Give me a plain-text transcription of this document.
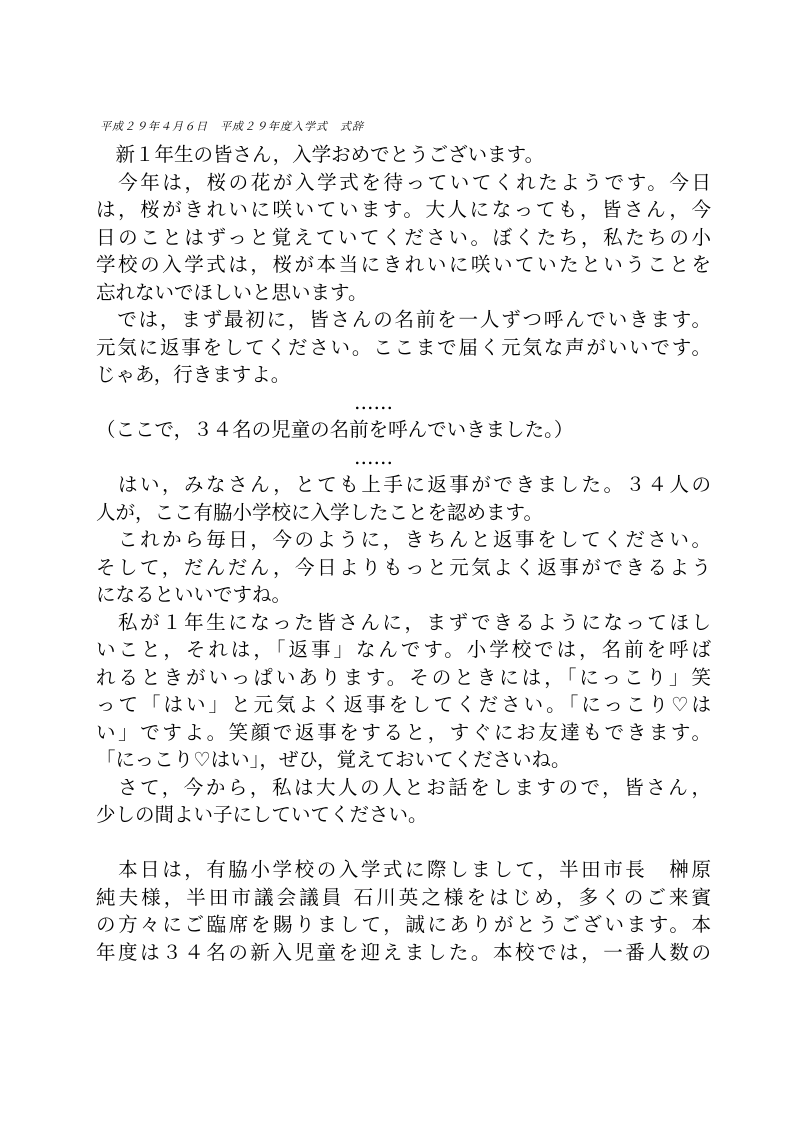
平成２９年４月６日　平成２９年度入学式　式辞
　新１年生の皆さん，入学おめでとうございます。
　今年は，桜の花が入学式を待っていてくれたようです。今日
は，桜がきれいに咲いています。大人になっても，皆さん，今
日のことはずっと覚えていてください。ぼくたち，私たちの小
学校の入学式は，桜が本当にきれいに咲いていたということを
忘れないでほしいと思います。
　では，まず最初に，皆さんの名前を一人ずつ呼んでいきます。
元気に返事をしてください。ここまで届く元気な声がいいです。
じゃあ，行きますよ。
……
（ここで，３４名の児童の名前を呼んでいきました。）
……
　はい，みなさん，とても上手に返事ができました。３４人の
人が，ここ有脇小学校に入学したことを認めます。
　これから毎日，今のように，きちんと返事をしてください。
そして，だんだん，今日よりもっと元気よく返事ができるよう
になるといいですね。
　私が１年生になった皆さんに，まずできるようになってほし
いこと，それは，「返事」なんです。小学校では，名前を呼ば
れるときがいっぱいあります。そのときには，「にっこり」笑
って「はい」と元気よく返事をしてください。「にっこり♡は
い」ですよ。笑顔で返事をすると，すぐにお友達もできます。
「にっこり♡はい」，ぜひ，覚えておいてくださいね。
　さて，今から，私は大人の人とお話をしますので，皆さん，
少しの間よい子にしていてください。
　本日は，有脇小学校の入学式に際しまして，半田市長　榊原
純夫様，半田市議会議員 石川英之様をはじめ，多くのご来賓
の方々にご臨席を賜りまして，誠にありがとうございます。本
年度は３４名の新入児童を迎えました。本校では，一番人数の
